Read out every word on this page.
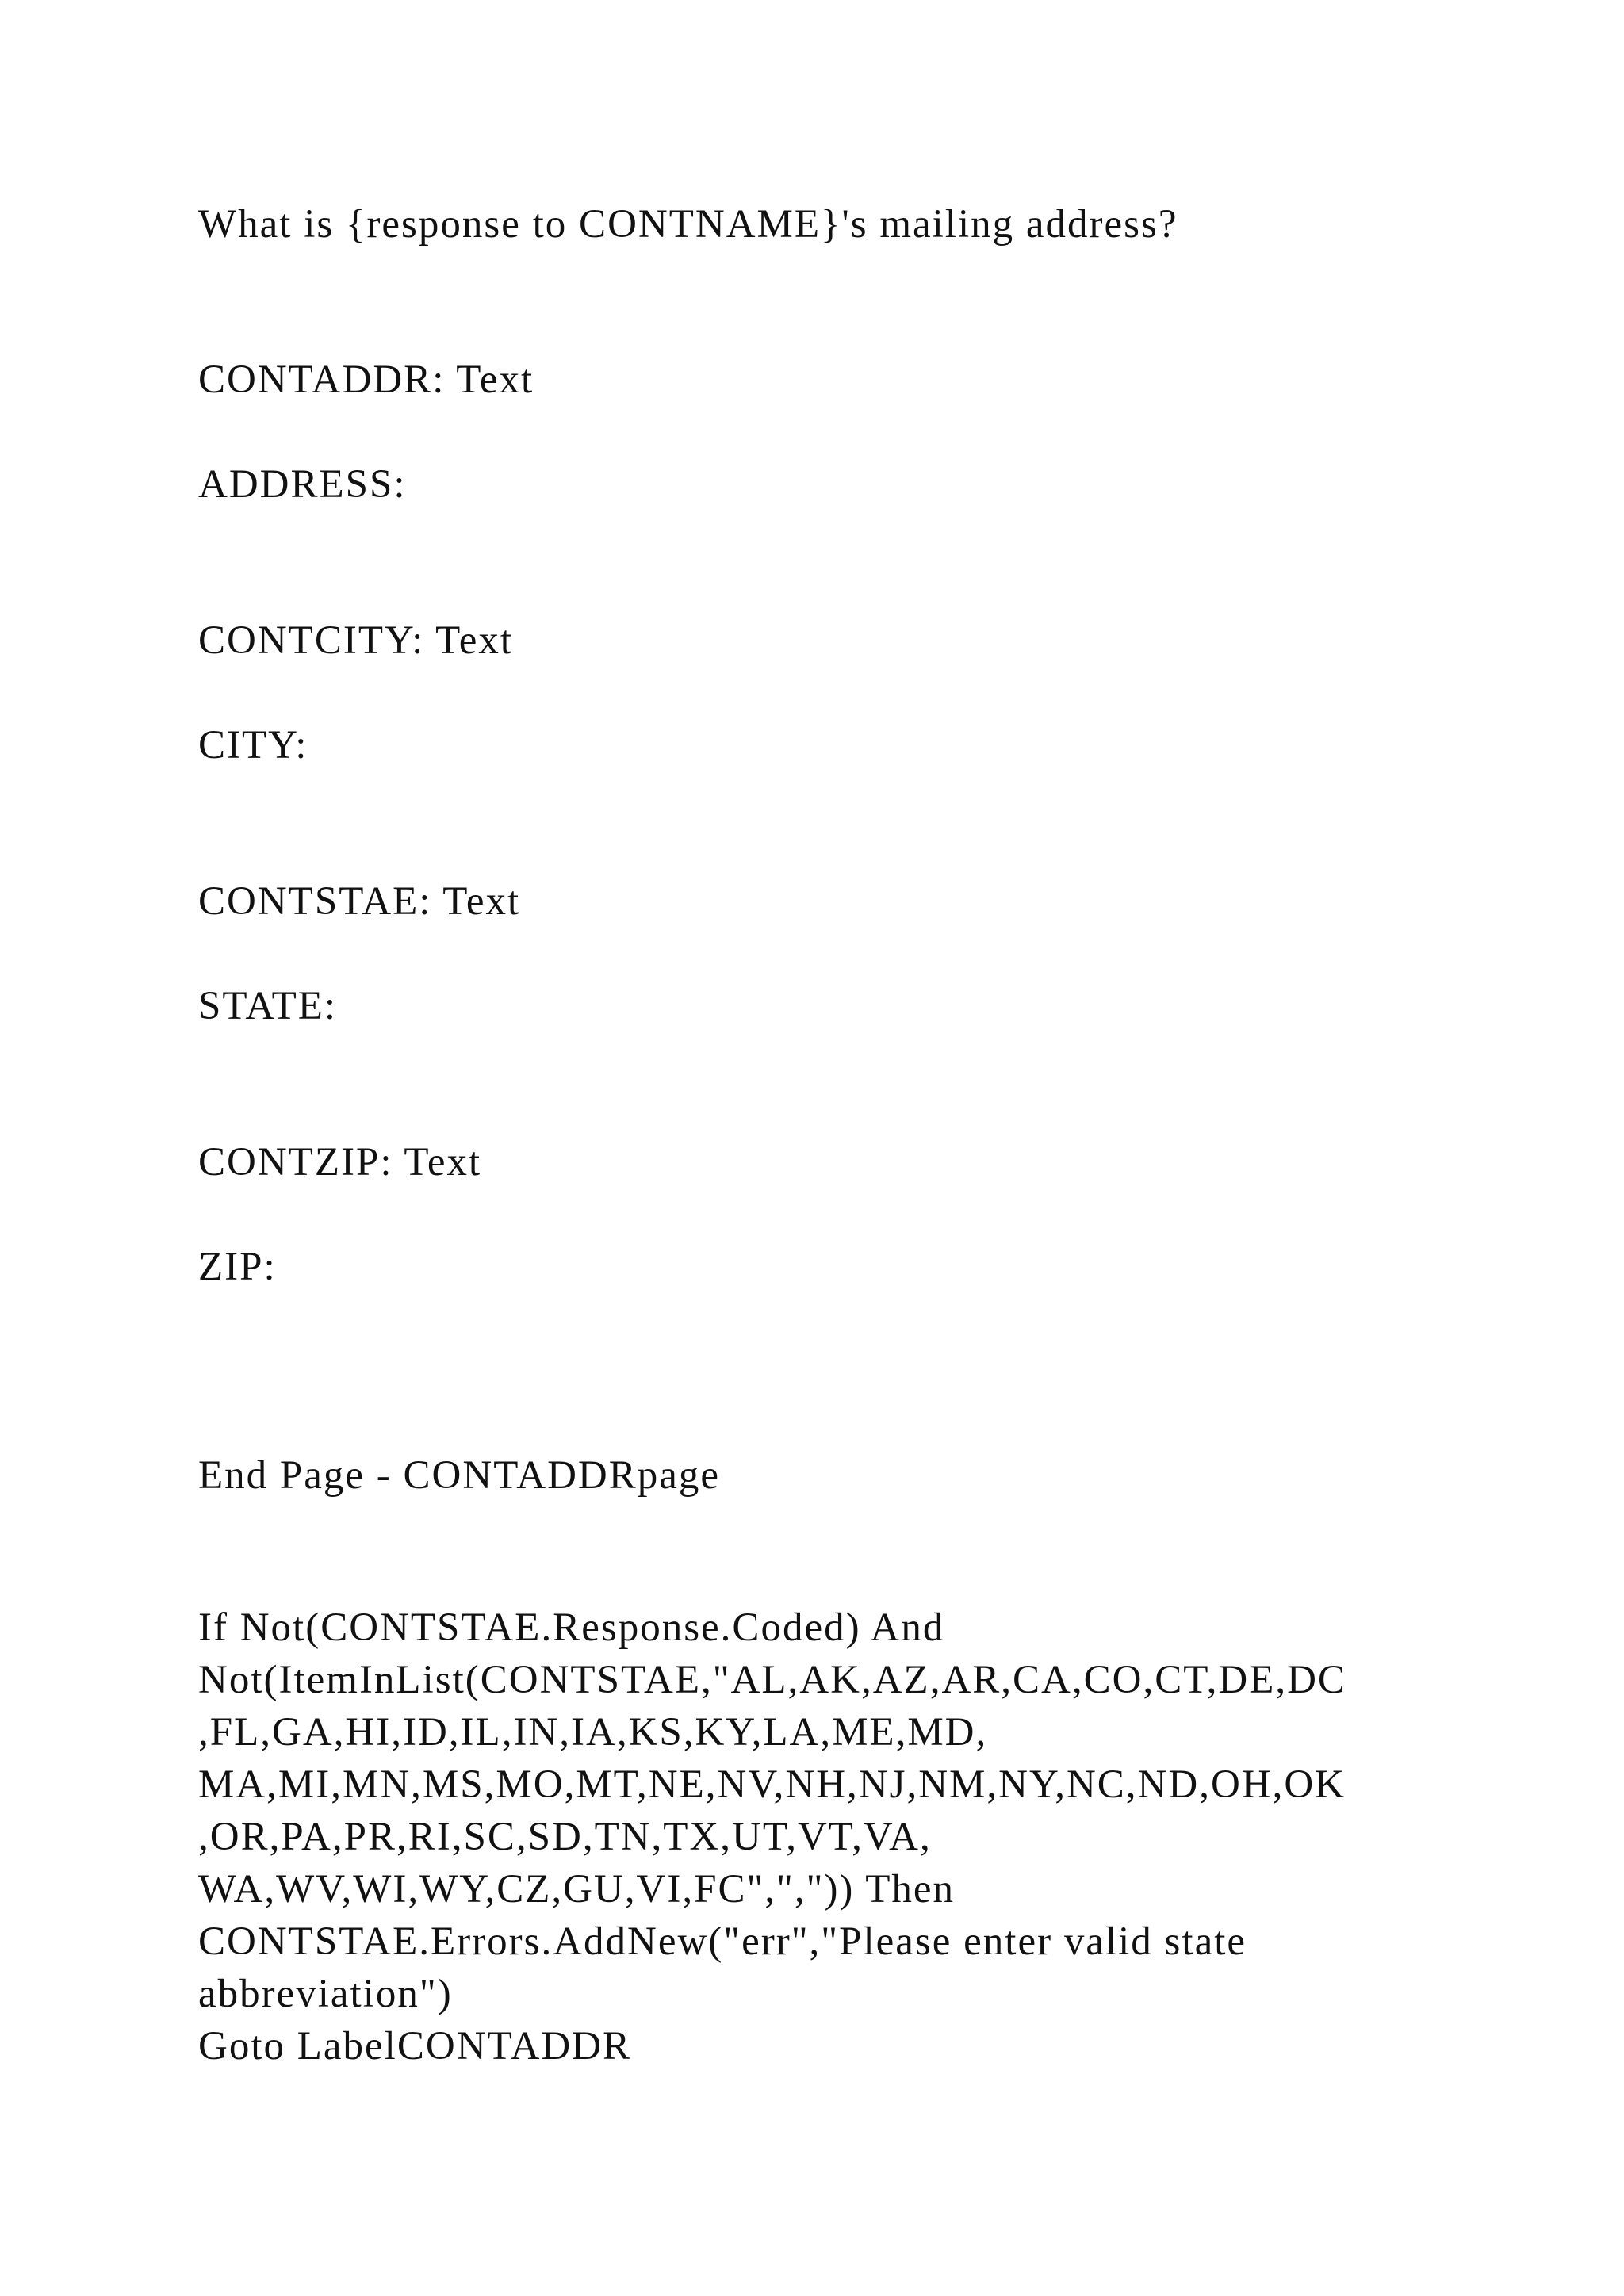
What is {response to CONTNAME}'s mailing address?

CONTADDR: Text

ADDRESS:

CONTCITY: Text

CITY:

CONTSTAE: Text

STATE:

CONTZIP: Text

ZIP:

End Page - CONTADDRpage

If Not(CONTSTAE.Response.Coded) And
Not(ItemInList(CONTSTAE,"AL,AK,AZ,AR,CA,CO,CT,DE,DC
,FL,GA,HI,ID,IL,IN,IA,KS,KY,LA,ME,MD,
MA,MI,MN,MS,MO,MT,NE,NV,NH,NJ,NM,NY,NC,ND,OH,OK
,OR,PA,PR,RI,SC,SD,TN,TX,UT,VT,VA,
WA,WV,WI,WY,CZ,GU,VI,FC",",")) Then
CONTSTAE.Errors.AddNew("err","Please enter valid state
abbreviation")
Goto LabelCONTADDR
